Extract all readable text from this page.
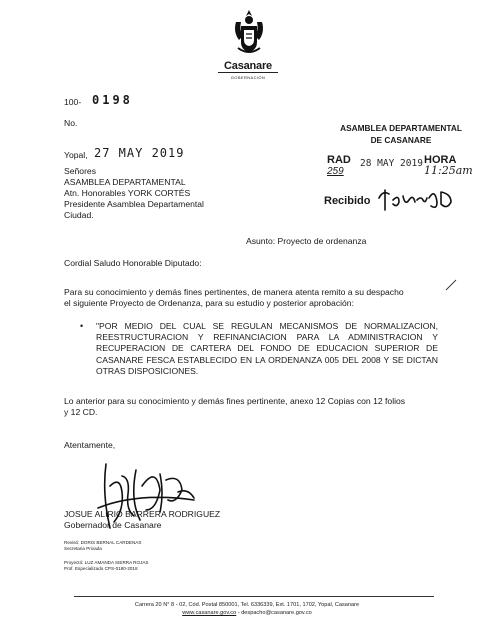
Casanare
GOBERNACIÓN
100- 0198
No.
Yopal, 27 MAY 2019
ASAMBLEA DEPARTAMENTAL
DE CASANARE
RAD
259
28 MAY 2019 HORA
11:25am
Recibido
Señores
ASAMBLEA DEPARTAMENTAL
Atn. Honorables YORK CORTÉS
Presidente Asamblea Departamental
Ciudad.
Asunto: Proyecto de ordenanza
Cordial Saludo Honorable Diputado:
Para su conocimiento y demás fines pertinentes, de manera atenta remito a su despacho
el siguiente Proyecto de Ordenanza, para su estudio y posterior aprobación:
• "POR MEDIO DEL CUAL SE REGULAN MECANISMOS DE NORMALIZACION, REESTRUCTURACION Y REFINANCIACION PARA LA ADMINISTRACION Y RECUPERACION DE CARTERA DEL FONDO DE EDUCACION SUPERIOR DE CASANARE FESCA ESTABLECIDO EN LA ORDENANZA 005 DEL 2008 Y SE DICTAN OTRAS DISPOSICIONES.
Lo anterior para su conocimiento y demás fines pertinente, anexo 12 Copias con 12 folios
y 12 CD.
Atentamente,
JOSUE ALIRIO BARRERA RODRIGUEZ
Gobernador de Casanare
Revisó: DORIS BERNAL CARDENAS
Secretaria Privada
Proyectó: LUZ AMANDA SIERRA ROJAS
Prof. Especializado CPS-0180-2018
Carrera 20 N° 8 - 02, Cód. Postal 850001, Tel. 6336339, Ext. 1701, 1702, Yopal, Casanare
www.casanare.gov.co - despacho@casanare.gov.co
